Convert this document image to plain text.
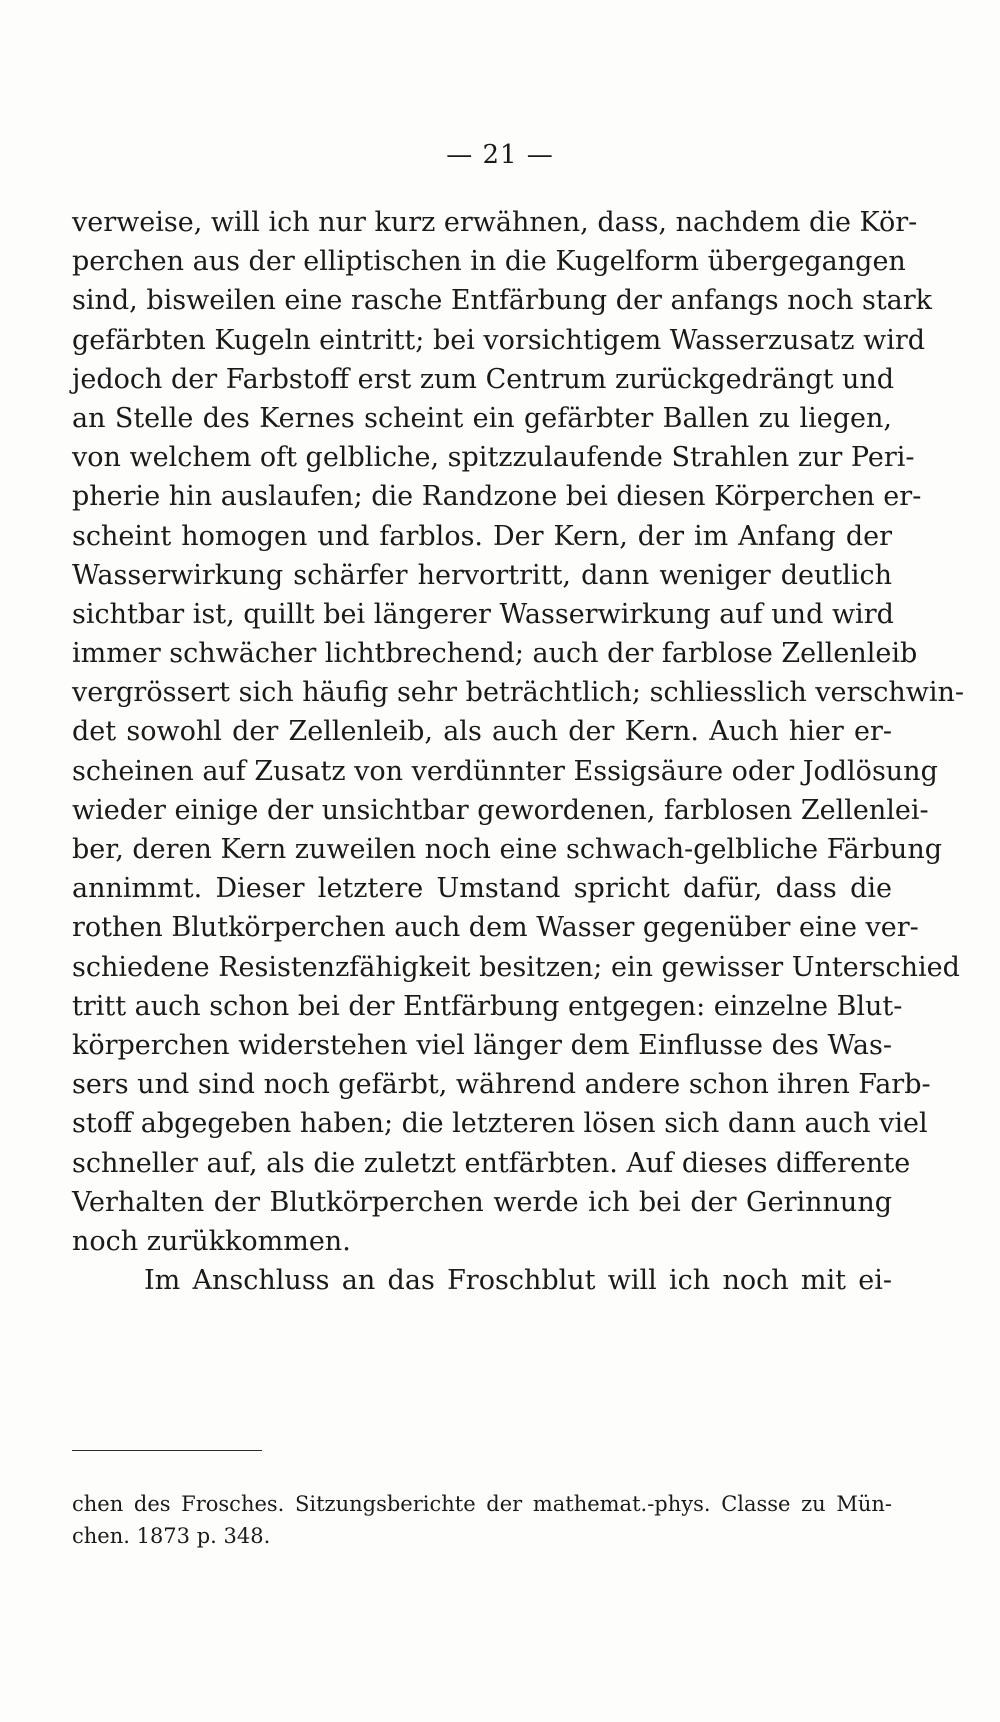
— 21 —
verweise, will ich nur kurz erwähnen, dass, nachdem die Kör-
perchen aus der elliptischen in die Kugelform übergegangen
sind, bisweilen eine rasche Entfärbung der anfangs noch stark
gefärbten Kugeln eintritt; bei vorsichtigem Wasserzusatz wird
jedoch der Farbstoff erst zum Centrum zurückgedrängt und
an Stelle des Kernes scheint ein gefärbter Ballen zu liegen,
von welchem oft gelbliche, spitzzulaufende Strahlen zur Peri-
pherie hin auslaufen; die Randzone bei diesen Körperchen er-
scheint homogen und farblos. Der Kern, der im Anfang der
Wasserwirkung schärfer hervortritt, dann weniger deutlich
sichtbar ist, quillt bei längerer Wasserwirkung auf und wird
immer schwächer lichtbrechend; auch der farblose Zellenleib
vergrössert sich häufig sehr beträchtlich; schliesslich verschwin-
det sowohl der Zellenleib, als auch der Kern. Auch hier er-
scheinen auf Zusatz von verdünnter Essigsäure oder Jodlösung
wieder einige der unsichtbar gewordenen, farblosen Zellenlei-
ber, deren Kern zuweilen noch eine schwach-gelbliche Färbung
annimmt. Dieser letztere Umstand spricht dafür, dass die
rothen Blutkörperchen auch dem Wasser gegenüber eine ver-
schiedene Resistenzfähigkeit besitzen; ein gewisser Unterschied
tritt auch schon bei der Entfärbung entgegen: einzelne Blut-
körperchen widerstehen viel länger dem Einflusse des Was-
sers und sind noch gefärbt, während andere schon ihren Farb-
stoff abgegeben haben; die letzteren lösen sich dann auch viel
schneller auf, als die zuletzt entfärbten. Auf dieses differente
Verhalten der Blutkörperchen werde ich bei der Gerinnung
noch zurükkommen.
Im Anschluss an das Froschblut will ich noch mit ei-
chen des Frosches. Sitzungsberichte der mathemat.-phys. Classe zu Mün-
chen. 1873 p. 348.
